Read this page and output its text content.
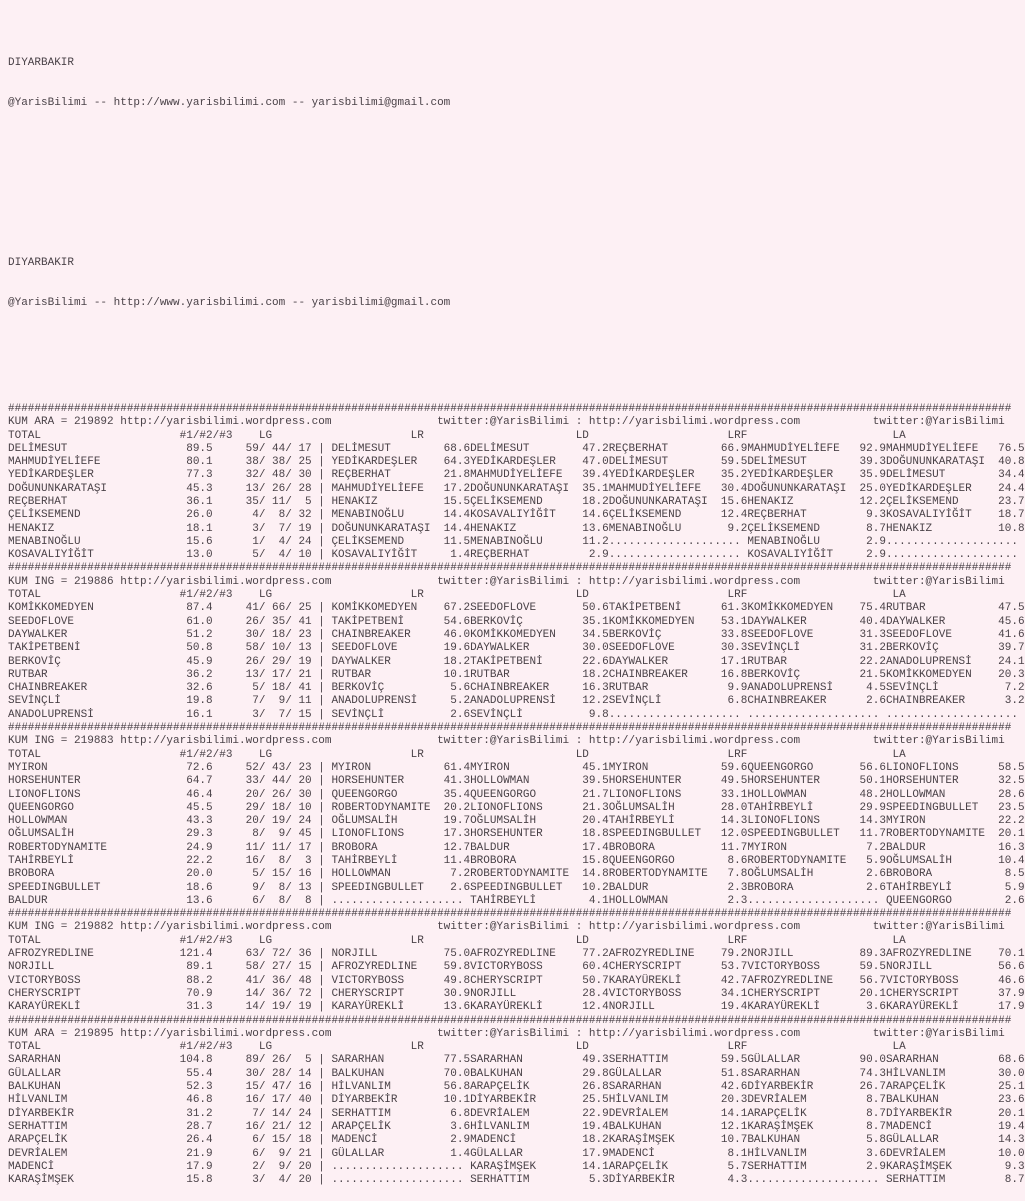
DIYARBAKIR

@YarisBilimi -- http://www.yarisbilimi.com -- yarisbilimi@gmail.com

DIYARBAKIR

@YarisBilimi -- http://www.yarisbilimi.com -- yarisbilimi@gmail.com

########################################################################################################################################################
KUM ARA = 219892 http://yarisbilimi.wordpress.com                twitter:@YarisBilimi : http://yarisbilimi.wordpress.com           twitter:@YarisBilimi
TOTAL                     #1/#2/#3    LG                     LR                       LD                     LRF                      LA
DELİMESUT                  89.5     59/ 44/ 17 | DELİMESUT        68.6DELİMESUT        47.2REÇBERHAT        66.9MAHMUDİYELİEFE   92.9MAHMUDİYELİEFE   76.5
MAHMUDİYELİEFE             80.1     38/ 38/ 25 | YEDİKARDEŞLER    64.3YEDİKARDEŞLER    47.0DELİMESUT        59.5DELİMESUT        39.3DOĞUNUNKARATAŞI  40.8
YEDİKARDEŞLER              77.3     32/ 48/ 30 | REÇBERHAT        21.8MAHMUDİYELİEFE   39.4YEDİKARDEŞLER    35.2YEDİKARDEŞLER    35.9DELİMESUT        34.4
DOĞUNUNKARATAŞI            45.3     13/ 26/ 28 | MAHMUDİYELİEFE   17.2DOĞUNUNKARATAŞI  35.1MAHMUDİYELİEFE   30.4DOĞUNUNKARATAŞI  25.0YEDİKARDEŞLER    24.4
REÇBERHAT                  36.1     35/ 11/  5 | HENAKIZ          15.5ÇELİKSEMEND      18.2DOĞUNUNKARATAŞI  15.6HENAKIZ          12.2ÇELİKSEMEND      23.7
ÇELİKSEMEND                26.0      4/  8/ 32 | MENABINOĞLU      14.4KOSAVALIYİĞİT    14.6ÇELİKSEMEND      12.4REÇBERHAT         9.3KOSAVALIYİĞİT    18.7
HENAKIZ                    18.1      3/  7/ 19 | DOĞUNUNKARATAŞI  14.4HENAKIZ          13.6MENABINOĞLU       9.2ÇELİKSEMEND       8.7HENAKIZ          10.8
MENABINOĞLU                15.6      1/  4/ 24 | ÇELİKSEMEND      11.5MENABINOĞLU      11.2.................... MENABINOĞLU       2.9....................
KOSAVALIYİĞİT              13.0      5/  4/ 10 | KOSAVALIYİĞİT     1.4REÇBERHAT         2.9.................... KOSAVALIYİĞİT     2.9....................
########################################################################################################################################################
KUM ING = 219886 http://yarisbilimi.wordpress.com                twitter:@YarisBilimi : http://yarisbilimi.wordpress.com           twitter:@YarisBilimi
TOTAL                     #1/#2/#3    LG                     LR                       LD                     LRF                      LA
KOMİKKOMEDYEN              87.4     41/ 66/ 25 | KOMİKKOMEDYEN    67.2SEEDOFLOVE       50.6TAKİPETBENİ      61.3KOMİKKOMEDYEN    75.4RUTBAR           47.5
SEEDOFLOVE                 61.0     26/ 35/ 41 | TAKİPETBENİ      54.6BERKOVİÇ         35.1KOMİKKOMEDYEN    53.1DAYWALKER        40.4DAYWALKER        45.6
DAYWALKER                  51.2     30/ 18/ 23 | CHAINBREAKER     46.0KOMİKKOMEDYEN    34.5BERKOVİÇ         33.8SEEDOFLOVE       31.3SEEDOFLOVE       41.6
TAKİPETBENİ                50.8     58/ 10/ 13 | SEEDOFLOVE       19.6DAYWALKER        30.0SEEDOFLOVE       30.3SEVİNÇLİ         31.2BERKOVİÇ         39.7
BERKOVİÇ                   45.9     26/ 29/ 19 | DAYWALKER        18.2TAKİPETBENİ      22.6DAYWALKER        17.1RUTBAR           22.2ANADOLUPRENSİ    24.1
RUTBAR                     36.2     13/ 17/ 21 | RUTBAR           10.1RUTBAR           18.2CHAINBREAKER     16.8BERKOVİÇ         21.5KOMİKKOMEDYEN    20.3
CHAINBREAKER               32.6      5/ 18/ 41 | BERKOVİÇ          5.6CHAINBREAKER     16.3RUTBAR            9.9ANADOLUPRENSİ     4.5SEVİNÇLİ          7.2
SEVİNÇLİ                   19.8      7/  9/ 11 | ANADOLUPRENSİ     5.2ANADOLUPRENSİ    12.2SEVİNÇLİ          6.8CHAINBREAKER      2.6CHAINBREAKER      3.2
ANADOLUPRENSİ              16.1      3/  7/ 15 | SEVİNÇLİ          2.6SEVİNÇLİ          9.8.................... .................... ....................
########################################################################################################################################################
KUM ING = 219883 http://yarisbilimi.wordpress.com                twitter:@YarisBilimi : http://yarisbilimi.wordpress.com           twitter:@YarisBilimi
TOTAL                     #1/#2/#3    LG                     LR                       LD                     LRF                      LA
MYIRON                     72.6     52/ 43/ 23 | MYIRON           61.4MYIRON           45.1MYIRON           59.6QUEENGORGO       56.6LIONOFLIONS      58.5
HORSEHUNTER                64.7     33/ 44/ 20 | HORSEHUNTER      41.3HOLLOWMAN        39.5HORSEHUNTER      49.5HORSEHUNTER      50.1HORSEHUNTER      32.5
LIONOFLIONS                46.4     20/ 26/ 30 | QUEENGORGO       35.4QUEENGORGO       21.7LIONOFLIONS      33.1HOLLOWMAN        48.2HOLLOWMAN        28.6
QUEENGORGO                 45.5     29/ 18/ 10 | ROBERTODYNAMITE  20.2LIONOFLIONS      21.3OĞLUMSALİH       28.0TAHİRBEYLİ       29.9SPEEDINGBULLET   23.5
HOLLOWMAN                  43.3     20/ 19/ 24 | OĞLUMSALİH       19.7OĞLUMSALİH       20.4TAHİRBEYLİ       14.3LIONOFLIONS      14.3MYIRON           22.2
OĞLUMSALİH                 29.3      8/  9/ 45 | LIONOFLIONS      17.3HORSEHUNTER      18.8SPEEDINGBULLET   12.0SPEEDINGBULLET   11.7ROBERTODYNAMITE  20.1
ROBERTODYNAMITE            24.9     11/ 11/ 17 | BROBORA          12.7BALDUR           17.4BROBORA          11.7MYIRON            7.2BALDUR           16.3
TAHİRBEYLİ                 22.2     16/  8/  3 | TAHİRBEYLİ       11.4BROBORA          15.8QUEENGORGO        8.6ROBERTODYNAMITE   5.9OĞLUMSALİH       10.4
BROBORA                    20.0      5/ 15/ 16 | HOLLOWMAN         7.2ROBERTODYNAMITE  14.8ROBERTODYNAMITE   7.8OĞLUMSALİH        2.6BROBORA           8.5
SPEEDINGBULLET             18.6      9/  8/ 13 | SPEEDINGBULLET    2.6SPEEDINGBULLET   10.2BALDUR            2.3BROBORA           2.6TAHİRBEYLİ        5.9
BALDUR                     13.6      6/  8/  8 | .................... TAHİRBEYLİ        4.1HOLLOWMAN         2.3.................... QUEENGORGO        2.6
########################################################################################################################################################
KUM ING = 219882 http://yarisbilimi.wordpress.com                twitter:@YarisBilimi : http://yarisbilimi.wordpress.com           twitter:@YarisBilimi
TOTAL                     #1/#2/#3    LG                     LR                       LD                     LRF                      LA
AFROZYREDLINE             121.4     63/ 72/ 36 | NORJILL          75.0AFROZYREDLINE    77.2AFROZYREDLINE    79.2NORJILL          89.3AFROZYREDLINE    70.1
NORJILL                    89.1     58/ 27/ 15 | AFROZYREDLINE    59.8VICTORYBOSS      60.4CHERYSCRIPT      53.7VICTORYBOSS      59.5NORJILL          56.6
VICTORYBOSS                88.2     41/ 36/ 48 | VICTORYBOSS      49.8CHERYSCRIPT      50.7KARAYÜREKLİ      42.7AFROZYREDLINE    56.7VICTORYBOSS      46.6
CHERYSCRIPT                70.9     14/ 36/ 72 | CHERYSCRIPT      30.9NORJILL          28.4VICTORYBOSS      34.1CHERYSCRIPT      20.1CHERYSCRIPT      37.9
KARAYÜREKLİ                31.3     14/ 19/ 19 | KARAYÜREKLİ      13.6KARAYÜREKLİ      12.4NORJILL          19.4KARAYÜREKLİ       3.6KARAYÜREKLİ      17.9
########################################################################################################################################################
KUM ARA = 219895 http://yarisbilimi.wordpress.com                twitter:@YarisBilimi : http://yarisbilimi.wordpress.com           twitter:@YarisBilimi
TOTAL                     #1/#2/#3    LG                     LR                       LD                     LRF                      LA
SARARHAN                  104.8     89/ 26/  5 | SARARHAN         77.5SARARHAN         49.3SERHATTIM        59.5GÜLALLAR         90.0SARARHAN         68.6
GÜLALLAR                   55.4     30/ 28/ 14 | BALKUHAN         70.0BALKUHAN         29.8GÜLALLAR         51.8SARARHAN         74.3HİLVANLIM        30.0
BALKUHAN                   52.3     15/ 47/ 16 | HİLVANLIM        56.8ARAPÇELİK        26.8SARARHAN         42.6DİYARBEKİR       26.7ARAPÇELİK        25.1
HİLVANLIM                  46.8     16/ 17/ 40 | DİYARBEKİR       10.1DİYARBEKİR       25.5HİLVANLIM        20.3DEVRİALEM         8.7BALKUHAN         23.6
DİYARBEKİR                 31.2      7/ 14/ 24 | SERHATTIM         6.8DEVRİALEM        22.9DEVRİALEM        14.1ARAPÇELİK         8.7DİYARBEKİR       20.1
SERHATTIM                  28.7     16/ 21/ 12 | ARAPÇELİK         3.6HİLVANLIM        19.4BALKUHAN         12.1KARAŞİMŞEK        8.7MADENCİ          19.4
ARAPÇELİK                  26.4      6/ 15/ 18 | MADENCİ           2.9MADENCİ          18.2KARAŞİMŞEK       10.7BALKUHAN          5.8GÜLALLAR         14.3
DEVRİALEM                  21.9      6/  9/ 21 | GÜLALLAR          1.4GÜLALLAR         17.9MADENCİ           8.1HİLVANLIM         3.6DEVRİALEM        10.0
MADENCİ                    17.9      2/  9/ 20 | .................... KARAŞİMŞEK       14.1ARAPÇELİK         5.7SERHATTIM         2.9KARAŞİMŞEK        9.3
KARAŞİMŞEK                 15.8      3/  4/ 20 | .................... SERHATTIM         5.3DİYARBEKİR        4.3.................... SERHATTIM         8.7
